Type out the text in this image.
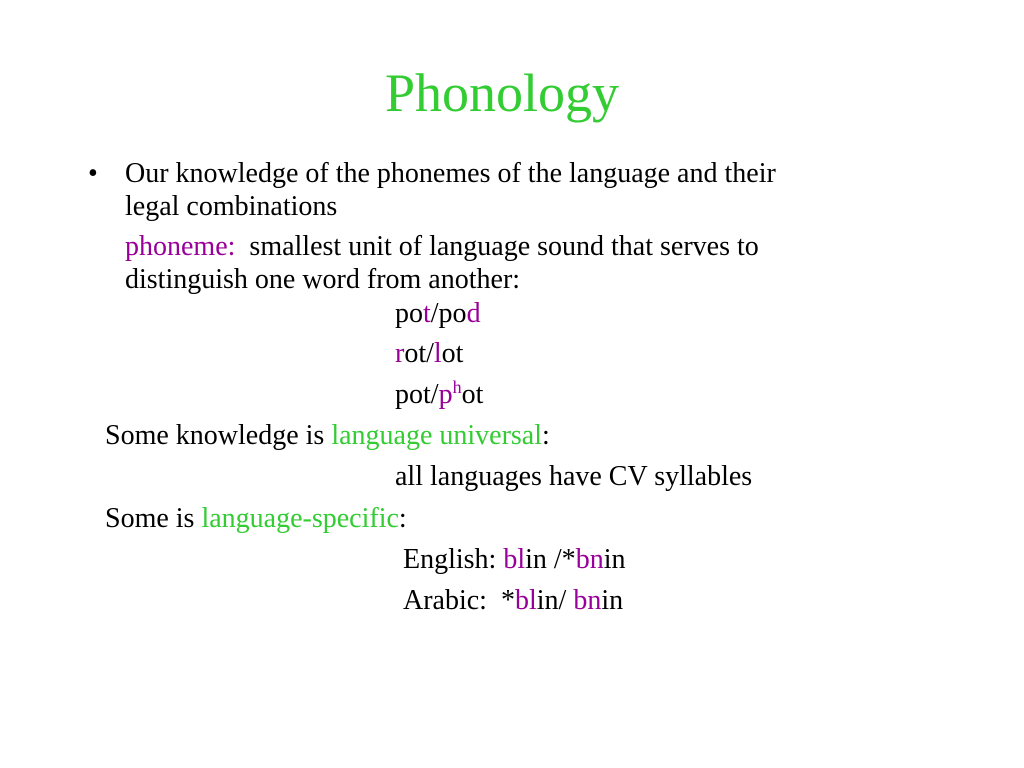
Phonology
• Our knowledge of the phonemes of the language and their
legal combinations
phoneme: smallest unit of language sound that serves to
distinguish one word from another:
pot/pod
rot/lot
pot/$p^hot$
Some knowledge is language universal:
all languages have CV syllables
Some is language-specific:
English: blin /*bnin
Arabic:  *blin/ bnin
